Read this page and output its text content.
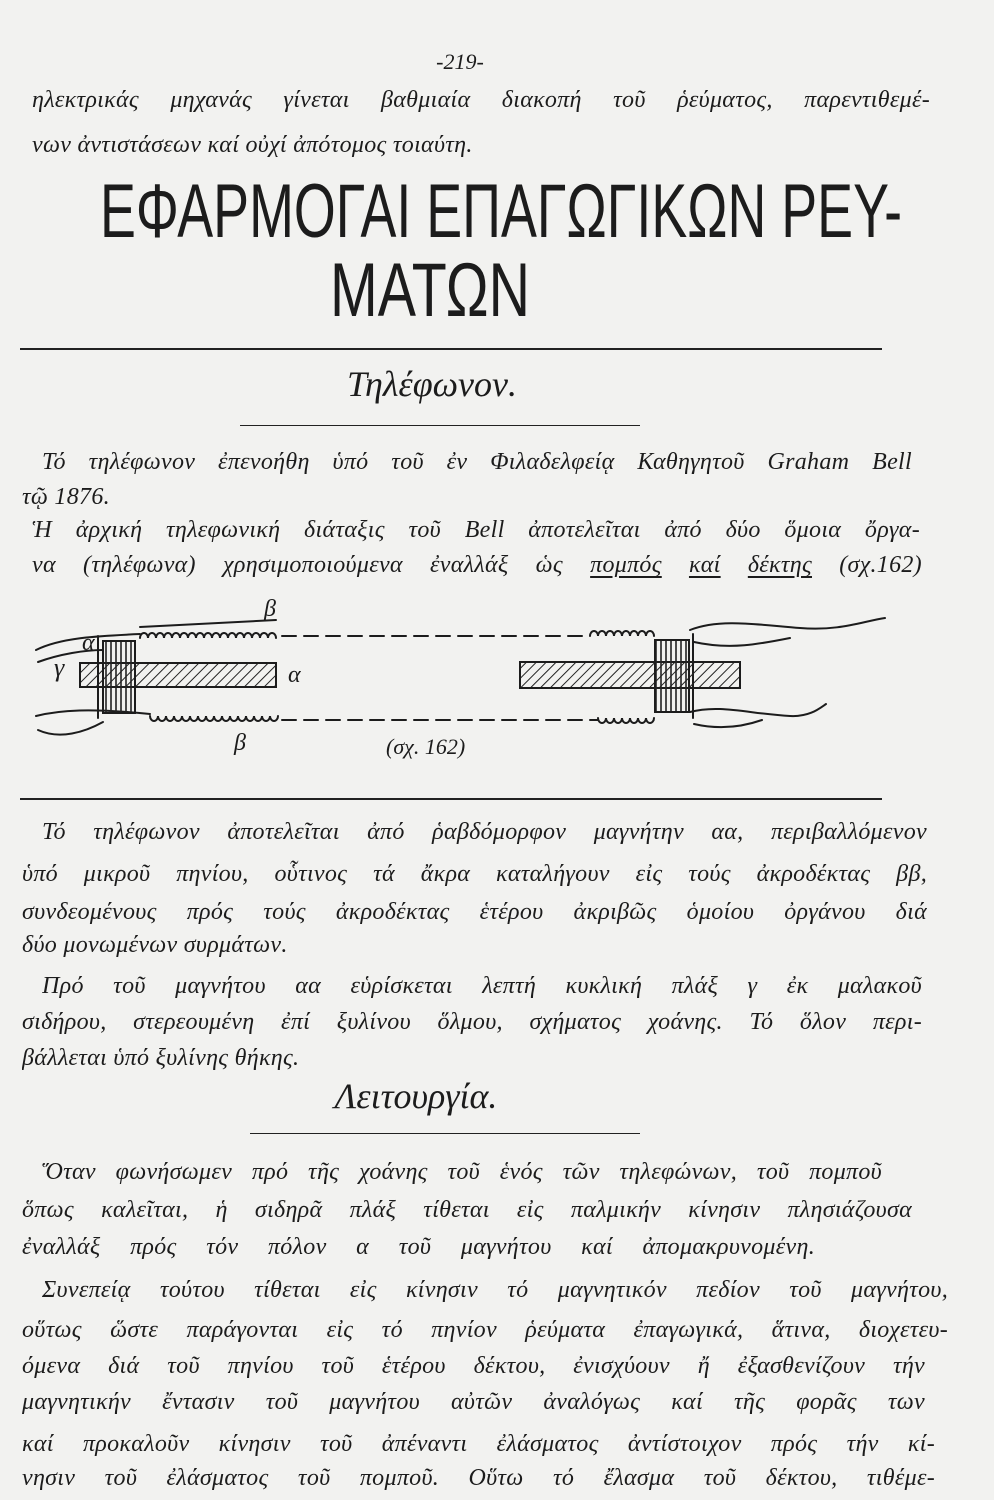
-219-
ηλεκτρικάς μηχανάς γίνεται βαθμιαία διακοπή τοῦ ῥεύματος, παρεντιθεμέ-
νων ἀντιστάσεων καί οὐχί ἀπότομος τοιαύτη.
ΕΦΑΡΜΟΓΑΙ ΕΠΑΓΩΓΙΚΩΝ ΡΕΥ-
ΜΑΤΩΝ
Τηλέφωνον.
Τό τηλέφωνον ἐπενοήθη ὑπό τοῦ ἐν Φιλαδελφείᾳ Καθηγητοῦ Graham Bell
τῷ 1876.
Ἡ ἀρχική τηλεφωνική διάταξις τοῦ Bell ἀποτελεῖται ἀπό δύο ὅμοια ὄργα-
να (τηλέφωνα) χρησιμοποιούμενα ἐναλλάξ ὡς πομπός καί δέκτης (σχ.162)
β
α
γ	α
β	(σχ. 162)
Τό τηλέφωνον ἀποτελεῖται ἀπό ῥαβδόμορφον μαγνήτην αα, περιβαλλόμενον
ὑπό μικροῦ πηνίου, οὗτινος τά ἄκρα καταλήγουν εἰς τούς ἀκροδέκτας ββ,
συνδεομένους πρός τούς ἀκροδέκτας ἑτέρου ἀκριβῶς ὁμοίου ὀργάνου διά
δύο μονωμένων συρμάτων.
Πρό τοῦ μαγνήτου αα εὑρίσκεται λεπτή κυκλική πλάξ γ ἐκ μαλακοῦ
σιδήρου, στερεουμένη ἐπί ξυλίνου ὅλμου, σχήματος χοάνης. Τό ὅλον περι-
βάλλεται ὑπό ξυλίνης θήκης.
Λειτουργία.
Ὅταν φωνήσωμεν πρό τῆς χοάνης τοῦ ἑνός τῶν τηλεφώνων, τοῦ πομποῦ
ὅπως καλεῖται, ἡ σιδηρᾶ πλάξ τίθεται εἰς παλμικήν κίνησιν πλησιάζουσα
ἐναλλάξ πρός τόν πόλον α τοῦ μαγνήτου καί ἀπομακρυνομένη.
Συνεπείᾳ τούτου τίθεται εἰς κίνησιν τό μαγνητικόν πεδίον τοῦ μαγνήτου,
οὕτως ὥστε παράγονται εἰς τό πηνίον ῥεύματα ἐπαγωγικά, ἅτινα, διοχετευ-
όμενα διά τοῦ πηνίου τοῦ ἑτέρου δέκτου, ἐνισχύουν ἤ ἐξασθενίζουν τήν
μαγνητικήν ἔντασιν τοῦ μαγνήτου αὐτῶν ἀναλόγως καί τῆς φορᾶς των
καί προκαλοῦν κίνησιν τοῦ ἀπέναντι ἐλάσματος ἀντίστοιχον πρός τήν κί-
νησιν τοῦ ἐλάσματος τοῦ πομποῦ. Οὕτω τό ἔλασμα τοῦ δέκτου, τιθέμε-
